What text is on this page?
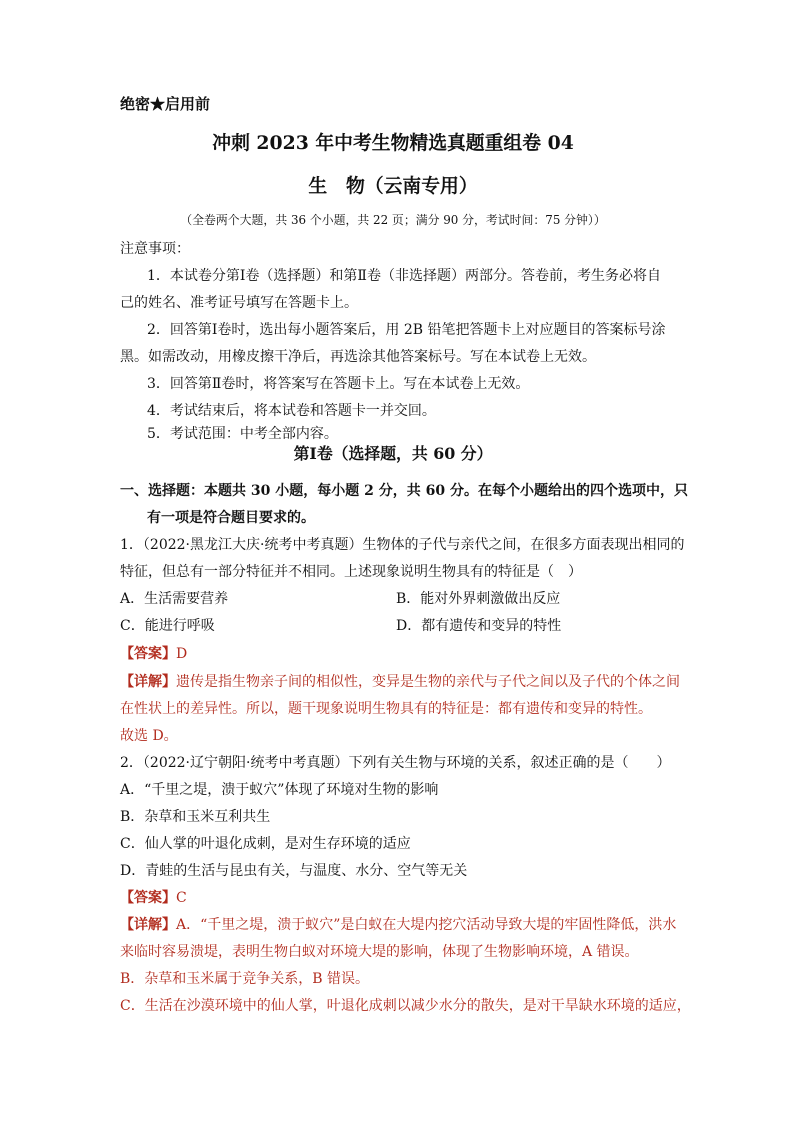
绝密★启用前
冲刺 2023 年中考生物精选真题重组卷 04
生　物（云南专用）
（全卷两个大题，共 36 个小题，共 22 页；满分 90 分，考试时间：75 分钟））
注意事项：
1．本试卷分第Ⅰ卷（选择题）和第Ⅱ卷（非选择题）两部分。答卷前，考生务必将自
己的姓名、准考证号填写在答题卡上。
2．回答第Ⅰ卷时，选出每小题答案后，用 2B 铅笔把答题卡上对应题目的答案标号涂
黑。如需改动，用橡皮擦干净后，再选涂其他答案标号。写在本试卷上无效。
3．回答第Ⅱ卷时，将答案写在答题卡上。写在本试卷上无效。
4．考试结束后，将本试卷和答题卡一并交回。
5．考试范围：中考全部内容。
第Ⅰ卷（选择题，共 60 分）
一、选择题：本题共 30 小题，每小题 2 分，共 60 分。在每个小题给出的四个选项中，只
有一项是符合题目要求的。
1．（2022·黑龙江大庆·统考中考真题）生物体的子代与亲代之间，在很多方面表现出相同的
特征，但总有一部分特征并不相同。上述现象说明生物具有的特征是（　）
A．生活需要营养	B．能对外界刺激做出反应
C．能进行呼吸	D．都有遗传和变异的特性
【答案】D
【详解】遗传是指生物亲子间的相似性，变异是生物的亲代与子代之间以及子代的个体之间
在性状上的差异性。所以，题干现象说明生物具有的特征是：都有遗传和变异的特性。
故选 D。
2．（2022·辽宁朝阳·统考中考真题）下列有关生物与环境的关系，叙述正确的是（　　）
A．“千里之堤，溃于蚁穴”体现了环境对生物的影响
B．杂草和玉米互利共生
C．仙人掌的叶退化成刺，是对生存环境的适应
D．青蛙的生活与昆虫有关，与温度、水分、空气等无关
【答案】C
【详解】A．“千里之堤，溃于蚁穴”是白蚁在大堤内挖穴活动导致大堤的牢固性降低，洪水
来临时容易溃堤，表明生物白蚁对环境大堤的影响，体现了生物影响环境，A 错误。
B．杂草和玉米属于竞争关系，B 错误。
C．生活在沙漠环境中的仙人掌，叶退化成刺以减少水分的散失，是对干旱缺水环境的适应，
